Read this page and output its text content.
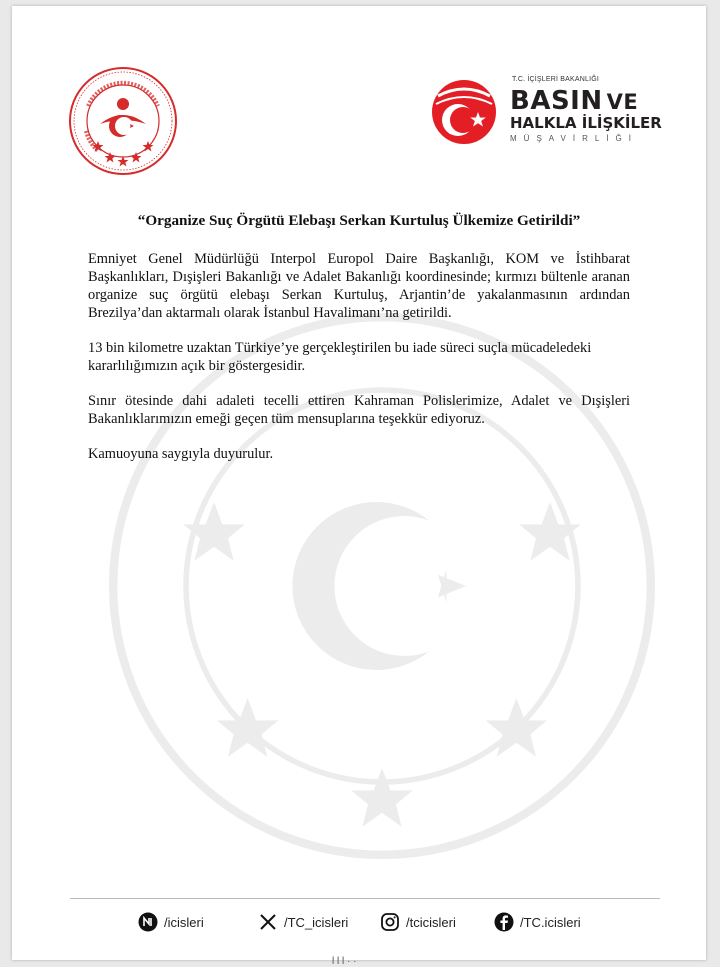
T.C. İÇİŞLERİ BAKANLIĞI
BASIN VE
HALKLA İLİŞKİLER
MÜŞAVİRLİĞİ
“Organize Suç Örgütü Elebaşı Serkan Kurtuluş Ülkemize Getirildi”

Emniyet Genel Müdürlüğü Interpol Europol Daire Başkanlığı, KOM ve İstihbarat Başkanlıkları, Dışişleri Bakanlığı ve Adalet Bakanlığı koordinesinde; kırmızı bültenle aranan organize suç örgütü elebaşı Serkan Kurtuluş, Arjantin’de yakalanmasının ardından Brezilya’dan aktarmalı olarak İstanbul Havalimanı’na getirildi.

13 bin kilometre uzaktan Türkiye’ye gerçekleştirilen bu iade süreci suçla mücadeledeki kararlılığımızın açık bir göstergesidir.

Sınır ötesinde dahi adaleti tecelli ettiren Kahraman Polislerimize, Adalet ve Dışişleri Bakanlıklarımızın emeği geçen tüm mensuplarına teşekkür ediyoruz.

Kamuoyuna saygıyla duyurulur.

/icisleri	/TC_icisleri	/tcicisleri	/TC.icisleri
l l l · ·
